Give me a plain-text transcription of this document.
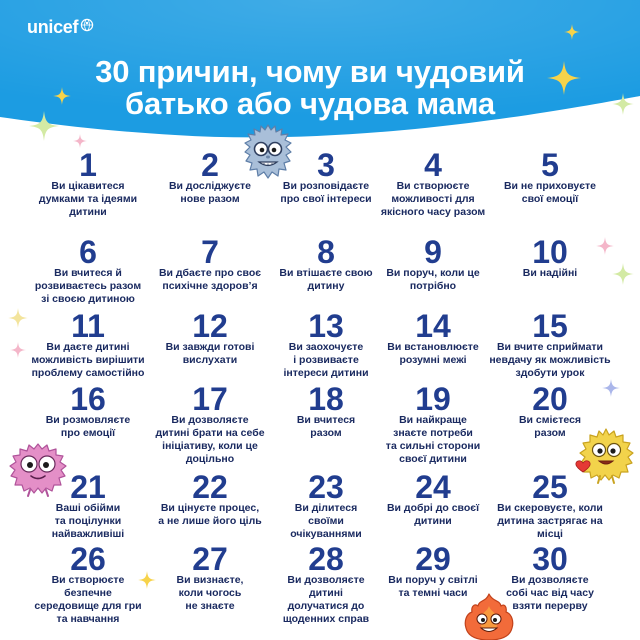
unicef
30 причин, чому ви чудовий
батько або чудова мама
1
Ви цікавитеся
думками та ідеями
дитини
2
Ви досліджуєте
нове разом
3
Ви розповідаєте
про свої інтереси
4
Ви створюєте
можливості для
якісного часу разом
5
Ви не приховуєте
свої емоції
6
Ви вчитеся й
розвиваєтесь разом
зі своєю дитиною
7
Ви дбаєте про своє
психічне здоров’я
8
Ви втішаєте свою
дитину
9
Ви поруч, коли це
потрібно
10
Ви надійні
11
Ви даєте дитині
можливість вирішити
проблему самостійно
12
Ви завжди готові
вислухати
13
Ви заохочуєте
і розвиваєте
інтереси дитини
14
Ви встановлюєте
розумні межі
15
Ви вчите сприймати
невдачу як можливість
здобути урок
16
Ви розмовляєте
про емоції
17
Ви дозволяєте
дитині брати на себе
ініціативу, коли це
доцільно
18
Ви вчитеся
разом
19
Ви найкраще
знаєте потреби
та сильні сторони
своєї дитини
20
Ви смієтеся
разом
21
Ваші обійми
та поцілунки
найважливіші
22
Ви цінуєте процес,
а не лише його ціль
23
Ви ділитеся
своїми
очікуваннями
24
Ви добрі до своєї
дитини
25
Ви скеровуєте, коли
дитина застрягає на
місці
26
Ви створюєте
безпечне
середовище для гри
та навчання
27
Ви визнаєте,
коли чогось
не знаєте
28
Ви дозволяєте
дитині
долучатися до
щоденних справ
29
Ви поруч у світлі
та темні часи
30
Ви дозволяєте
собі час від часу
взяти перерву
